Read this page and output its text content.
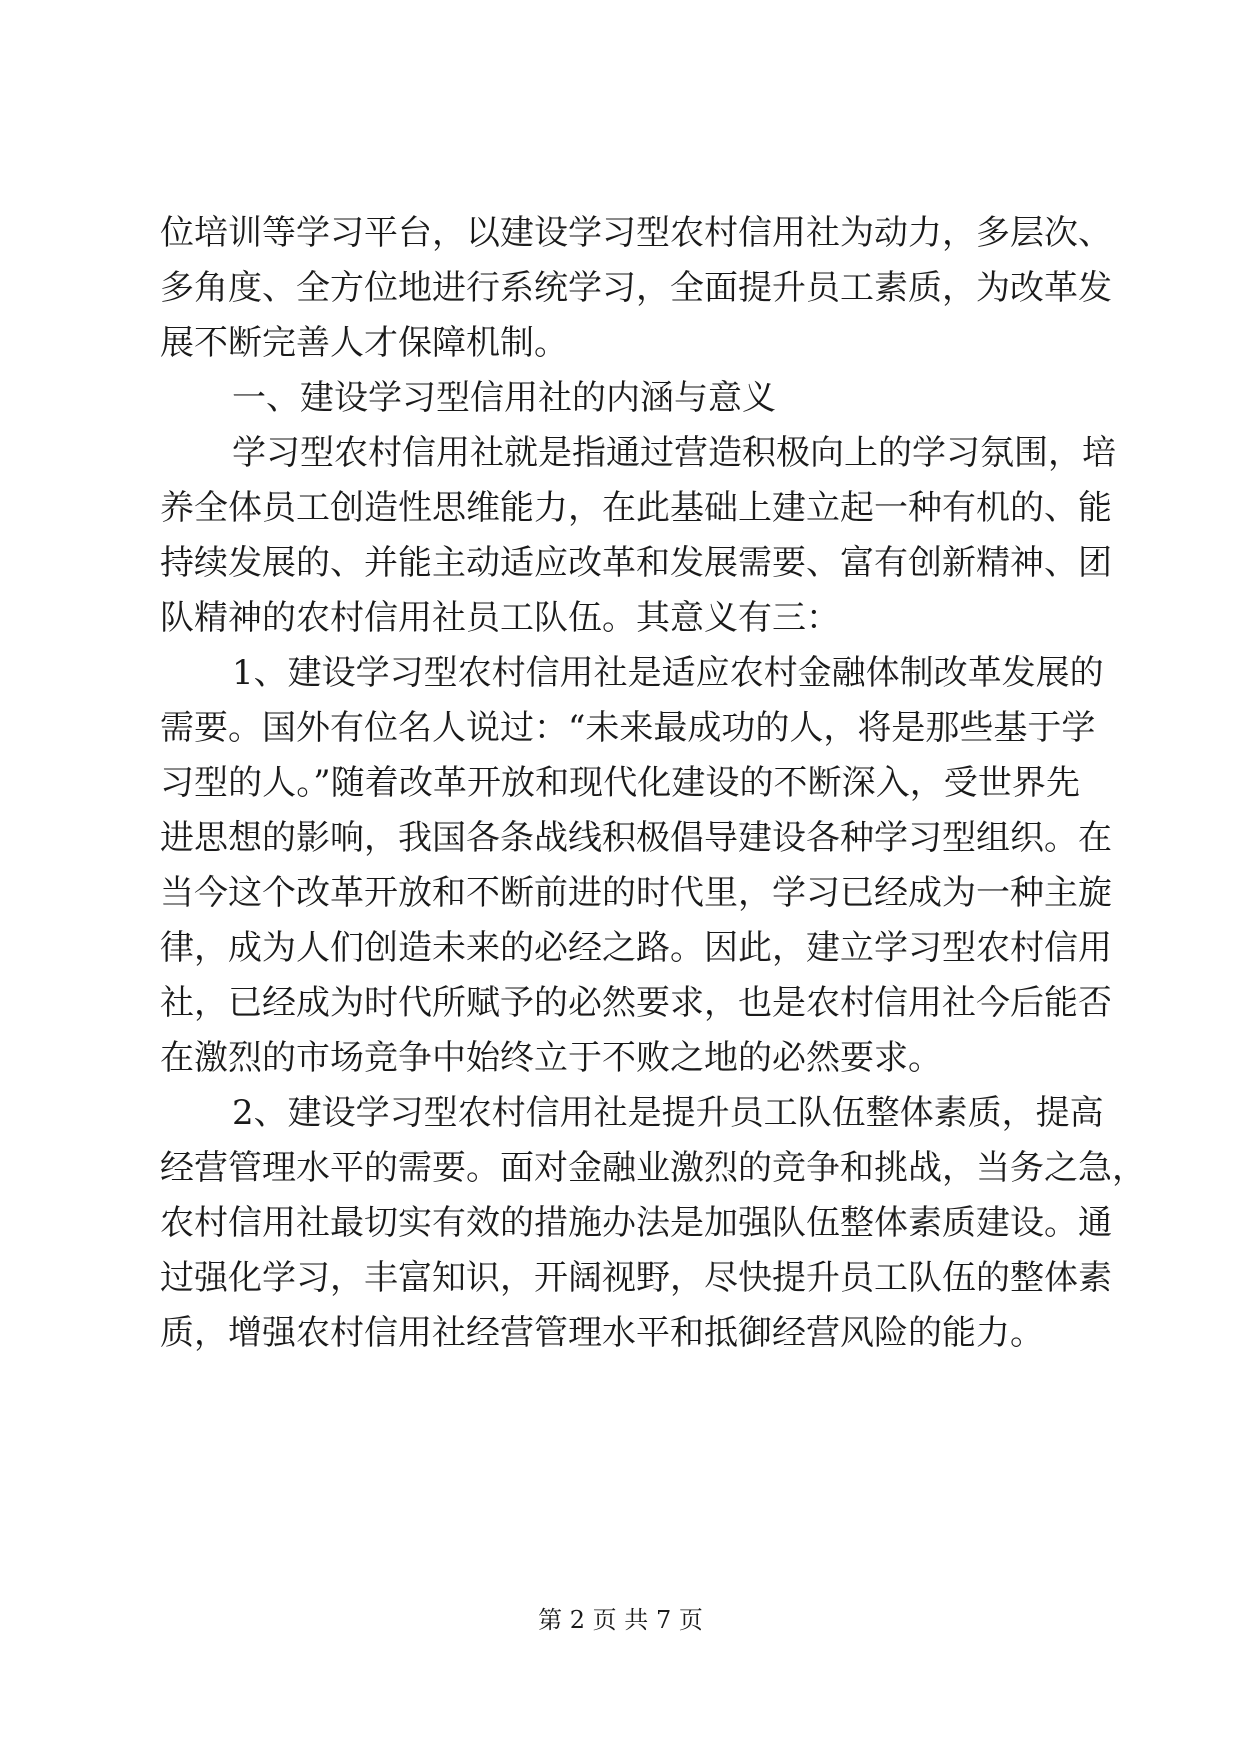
位培训等学习平台，以建设学习型农村信用社为动力，多层次、
多角度、全方位地进行系统学习，全面提升员工素质，为改革发
展不断完善人才保障机制。
一、建设学习型信用社的内涵与意义
学习型农村信用社就是指通过营造积极向上的学习氛围，培
养全体员工创造性思维能力，在此基础上建立起一种有机的、能
持续发展的、并能主动适应改革和发展需要、富有创新精神、团
队精神的农村信用社员工队伍。其意义有三：
1、建设学习型农村信用社是适应农村金融体制改革发展的
需要。国外有位名人说过：“未来最成功的人，将是那些基于学
习型的人。”随着改革开放和现代化建设的不断深入，受世界先
进思想的影响，我国各条战线积极倡导建设各种学习型组织。在
当今这个改革开放和不断前进的时代里，学习已经成为一种主旋
律，成为人们创造未来的必经之路。因此，建立学习型农村信用
社，已经成为时代所赋予的必然要求，也是农村信用社今后能否
在激烈的市场竞争中始终立于不败之地的必然要求。
2、建设学习型农村信用社是提升员工队伍整体素质，提高
经营管理水平的需要。面对金融业激烈的竞争和挑战，当务之急，
农村信用社最切实有效的措施办法是加强队伍整体素质建设。通
过强化学习，丰富知识，开阔视野，尽快提升员工队伍的整体素
质，增强农村信用社经营管理水平和抵御经营风险的能力。
第 2 页 共 7 页
